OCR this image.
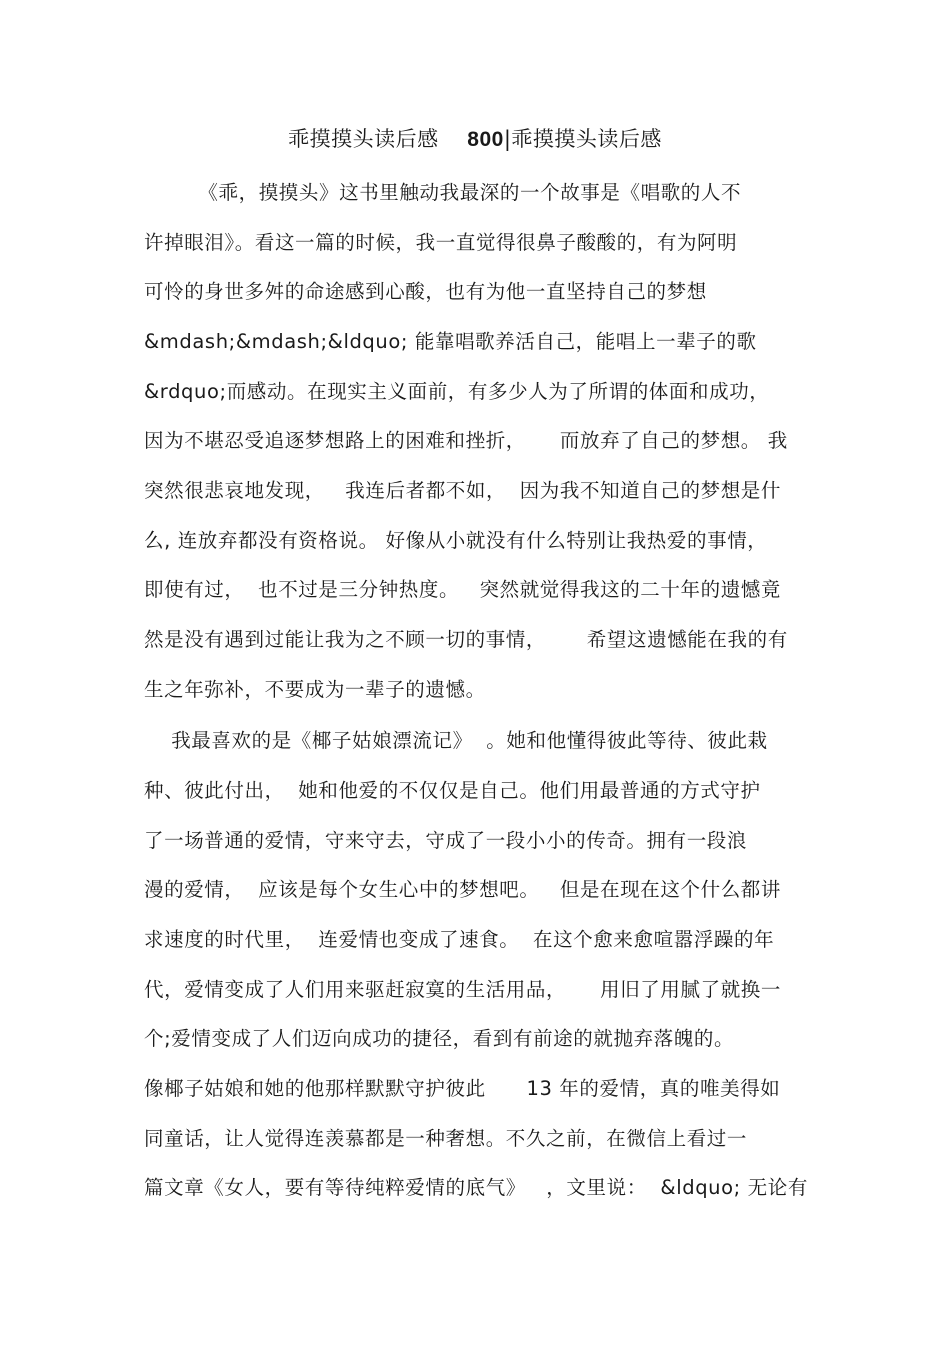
乖摸摸头读后感    800|乖摸摸头读后感
《乖，摸摸头》这书里触动我最深的一个故事是《唱歌的人不
许掉眼泪》。看这一篇的时候，我一直觉得很鼻子酸酸的，有为阿明
可怜的身世多舛的命途感到心酸，也有为他一直坚持自己的梦想
&mdash;&mdash;&ldquo; 能靠唱歌养活自己，能唱上一辈子的歌
&rdquo;而感动。在现实主义面前，有多少人为了所谓的体面和成功，
因为不堪忍受追逐梦想路上的困难和挫折，     而放弃了自己的梦想。 我
突然很悲哀地发现，   我连后者都不如，  因为我不知道自己的梦想是什
么, 连放弃都没有资格说。 好像从小就没有什么特别让我热爱的事情，
即使有过，  也不过是三分钟热度。   突然就觉得我这的二十年的遗憾竟
然是没有遇到过能让我为之不顾一切的事情，      希望这遗憾能在我的有
生之年弥补，不要成为一辈子的遗憾。
我最喜欢的是《椰子姑娘漂流记》  。她和他懂得彼此等待、彼此栽
种、彼此付出，  她和他爱的不仅仅是自己。他们用最普通的方式守护
了一场普通的爱情，守来守去，守成了一段小小的传奇。拥有一段浪
漫的爱情，  应该是每个女生心中的梦想吧。   但是在现在这个什么都讲
求速度的时代里，  连爱情也变成了速食。  在这个愈来愈喧嚣浮躁的年
代，爱情变成了人们用来驱赶寂寞的生活用品，     用旧了用腻了就换一
个;爱情变成了人们迈向成功的捷径，看到有前途的就抛弃落魄的。
像椰子姑娘和她的他那样默默守护彼此      13 年的爱情，真的唯美得如
同童话，让人觉得连羡慕都是一种奢想。不久之前，在微信上看过一
篇文章《女人，要有等待纯粹爱情的底气》   ，文里说：  &ldquo; 无论有
